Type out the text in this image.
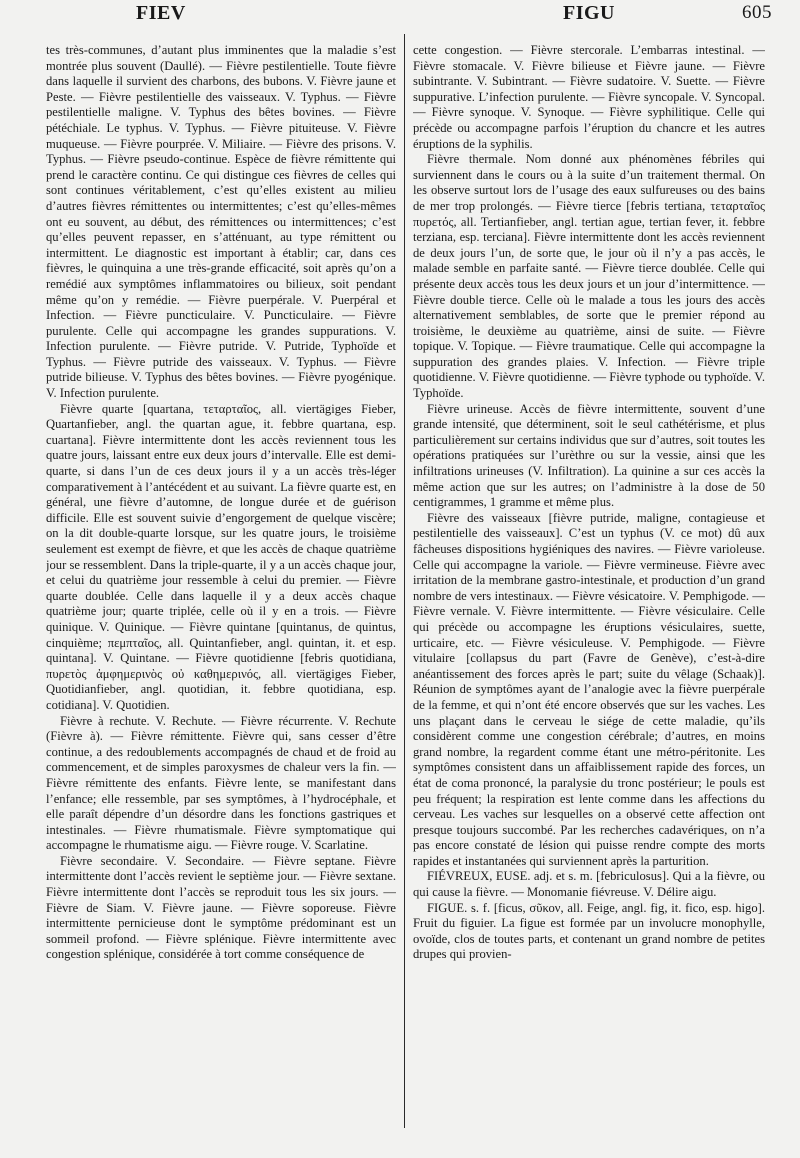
FIEV	FIGU	605

tes très-communes, d’autant plus imminentes que la maladie s’est montrée plus souvent (Daullé). — Fièvre pestilentielle. Toute fièvre dans laquelle il survient des charbons, des bubons. V. Fièvre jaune et Peste. — Fièvre pestilentielle des vaisseaux. V. Typhus. — Fièvre pestilentielle maligne. V. Typhus des bêtes bovines. — Fièvre pétéchiale. Le typhus. V. Typhus. — Fièvre pituiteuse. V. Fièvre muqueuse. — Fièvre pourprée. V. Miliaire. — Fièvre des prisons. V. Typhus. — Fièvre pseudo-continue. Espèce de fièvre rémittente qui prend le caractère continu. Ce qui distingue ces fièvres de celles qui sont continues véritablement, c’est qu’elles existent au milieu d’autres fièvres rémittentes ou intermittentes; c’est qu’elles-mêmes ont eu souvent, au début, des rémittences ou intermittences; c’est qu’elles peuvent repasser, en s’atténuant, au type rémittent ou intermittent. Le diagnostic est important à établir; car, dans ces fièvres, le quinquina a une très-grande efficacité, soit après qu’on a remédié aux symptômes inflammatoires ou bilieux, soit pendant même qu’on y remédie. — Fièvre puerpérale. V. Puerpéral et Infection. — Fièvre puncticulaire. V. Puncticulaire. — Fièvre purulente. Celle qui accompagne les grandes suppurations. V. Infection purulente. — Fièvre putride. V. Putride, Typhoïde et Typhus. — Fièvre putride des vaisseaux. V. Typhus. — Fièvre putride bilieuse. V. Typhus des bêtes bovines. — Fièvre pyogénique. V. Infection purulente.

Fièvre quarte [quartana, τεταρταῖος, all. viertägiges Fieber, Quartanfieber, angl. the quartan ague, it. febbre quartana, esp. cuartana]. Fièvre intermittente dont les accès reviennent tous les quatre jours, laissant entre eux deux jours d’intervalle. Elle est demi-quarte, si dans l’un de ces deux jours il y a un accès très-léger comparativement à l’antécédent et au suivant. La fièvre quarte est, en général, une fièvre d’automne, de longue durée et de guérison difficile. Elle est souvent suivie d’engorgement de quelque viscère; on la dit double-quarte lorsque, sur les quatre jours, le troisième seulement est exempt de fièvre, et que les accès de chaque quatrième jour se ressemblent. Dans la triple-quarte, il y a un accès chaque jour, et celui du quatrième jour ressemble à celui du premier. — Fièvre quarte doublée. Celle dans laquelle il y a deux accès chaque quatrième jour; quarte triplée, celle où il y en a trois. — Fièvre quinique. V. Quinique. — Fièvre quintane [quintanus, de quintus, cinquième; πεμπταῖος, all. Quintanfieber, angl. quintan, it. et esp. quintana]. V. Quintane. — Fièvre quotidienne [febris quotidiana, πυρετὸς ἀμφημερινὸς οὐ καθημερινός, all. viertägiges Fieber, Quotidianfieber, angl. quotidian, it. febbre quotidiana, esp. cotidiana]. V. Quotidien.

Fièvre à rechute. V. Rechute. — Fièvre récurrente. V. Rechute (Fièvre à). — Fièvre rémittente. Fièvre qui, sans cesser d’être continue, a des redoublements accompagnés de chaud et de froid au commencement, et de simples paroxysmes de chaleur vers la fin. — Fièvre rémittente des enfants. Fièvre lente, se manifestant dans l’enfance; elle ressemble, par ses symptômes, à l’hydrocéphale, et elle paraît dépendre d’un désordre dans les fonctions gastriques et intestinales. — Fièvre rhumatismale. Fièvre symptomatique qui accompagne le rhumatisme aigu. — Fièvre rouge. V. Scarlatine.

Fièvre secondaire. V. Secondaire. — Fièvre septane. Fièvre intermittente dont l’accès revient le septième jour. — Fièvre sextane. Fièvre intermittente dont l’accès se reproduit tous les six jours. — Fièvre de Siam. V. Fièvre jaune. — Fièvre soporeuse. Fièvre intermittente pernicieuse dont le symptôme prédominant est un sommeil profond. — Fièvre splénique. Fièvre intermittente avec congestion splénique, considérée à tort comme conséquence de

cette congestion. — Fièvre stercorale. L’embarras intestinal. — Fièvre stomacale. V. Fièvre bilieuse et Fièvre jaune. — Fièvre subintrante. V. Subintrant. — Fièvre sudatoire. V. Suette. — Fièvre suppurative. L’infection purulente. — Fièvre syncopale. V. Syncopal. — Fièvre synoque. V. Synoque. — Fièvre syphilitique. Celle qui précède ou accompagne parfois l’éruption du chancre et les autres éruptions de la syphilis.

Fièvre thermale. Nom donné aux phénomènes fébriles qui surviennent dans le cours ou à la suite d’un traitement thermal. On les observe surtout lors de l’usage des eaux sulfureuses ou des bains de mer trop prolongés. — Fièvre tierce [febris tertiana, τεταρταῖος πυρετός, all. Tertianfieber, angl. tertian ague, tertian fever, it. febbre terziana, esp. terciana]. Fièvre intermittente dont les accès reviennent de deux jours l’un, de sorte que, le jour où il n’y a pas accès, le malade semble en parfaite santé. — Fièvre tierce doublée. Celle qui présente deux accès tous les deux jours et un jour d’intermittence. — Fièvre double tierce. Celle où le malade a tous les jours des accès alternativement semblables, de sorte que le premier répond au troisième, le deuxième au quatrième, ainsi de suite. — Fièvre topique. V. Topique. — Fièvre traumatique. Celle qui accompagne la suppuration des grandes plaies. V. Infection. — Fièvre triple quotidienne. V. Fièvre quotidienne. — Fièvre typhode ou typhoïde. V. Typhoïde.

Fièvre urineuse. Accès de fièvre intermittente, souvent d’une grande intensité, que déterminent, soit le seul cathétérisme, et plus particulièrement sur certains individus que sur d’autres, soit toutes les opérations pratiquées sur l’urèthre ou sur la vessie, ainsi que les infiltrations urineuses (V. Infiltration). La quinine a sur ces accès la même action que sur les autres; on l’administre à la dose de 50 centigrammes, 1 gramme et même plus.

Fièvre des vaisseaux [fièvre putride, maligne, contagieuse et pestilentielle des vaisseaux]. C’est un typhus (V. ce mot) dû aux fâcheuses dispositions hygiéniques des navires. — Fièvre varioleuse. Celle qui accompagne la variole. — Fièvre vermineuse. Fièvre avec irritation de la membrane gastro-intestinale, et production d’un grand nombre de vers intestinaux. — Fièvre vésicatoire. V. Pemphigode. — Fièvre vernale. V. Fièvre intermittente. — Fièvre vésiculaire. Celle qui précède ou accompagne les éruptions vésiculaires, suette, urticaire, etc. — Fièvre vésiculeuse. V. Pemphigode. — Fièvre vitulaire [collapsus du part (Favre de Genève), c’est-à-dire anéantissement des forces après le part; suite du vêlage (Schaak)]. Réunion de symptômes ayant de l’analogie avec la fièvre puerpérale de la femme, et qui n’ont été encore observés que sur les vaches. Les uns plaçant dans le cerveau le siége de cette maladie, qu’ils considèrent comme une congestion cérébrale; d’autres, en moins grand nombre, la regardent comme étant une métro-péritonite. Les symptômes consistent dans un affaiblissement rapide des forces, un état de coma prononcé, la paralysie du tronc postérieur; le pouls est peu fréquent; la respiration est lente comme dans les affections du cerveau. Les vaches sur lesquelles on a observé cette affection ont presque toujours succombé. Par les recherches cadavériques, on n’a pas encore constaté de lésion qui puisse rendre compte des morts rapides et instantanées qui surviennent après la parturition.

FIÉVREUX, EUSE. adj. et s. m. [febriculosus]. Qui a la fièvre, ou qui cause la fièvre. — Monomanie fiévreuse. V. Délire aigu.

FIGUE. s. f. [ficus, σῦκον, all. Feige, angl. fig, it. fico, esp. higo]. Fruit du figuier. La figue est formée par un involucre monophylle, ovoïde, clos de toutes parts, et contenant un grand nombre de petites drupes qui provien-
